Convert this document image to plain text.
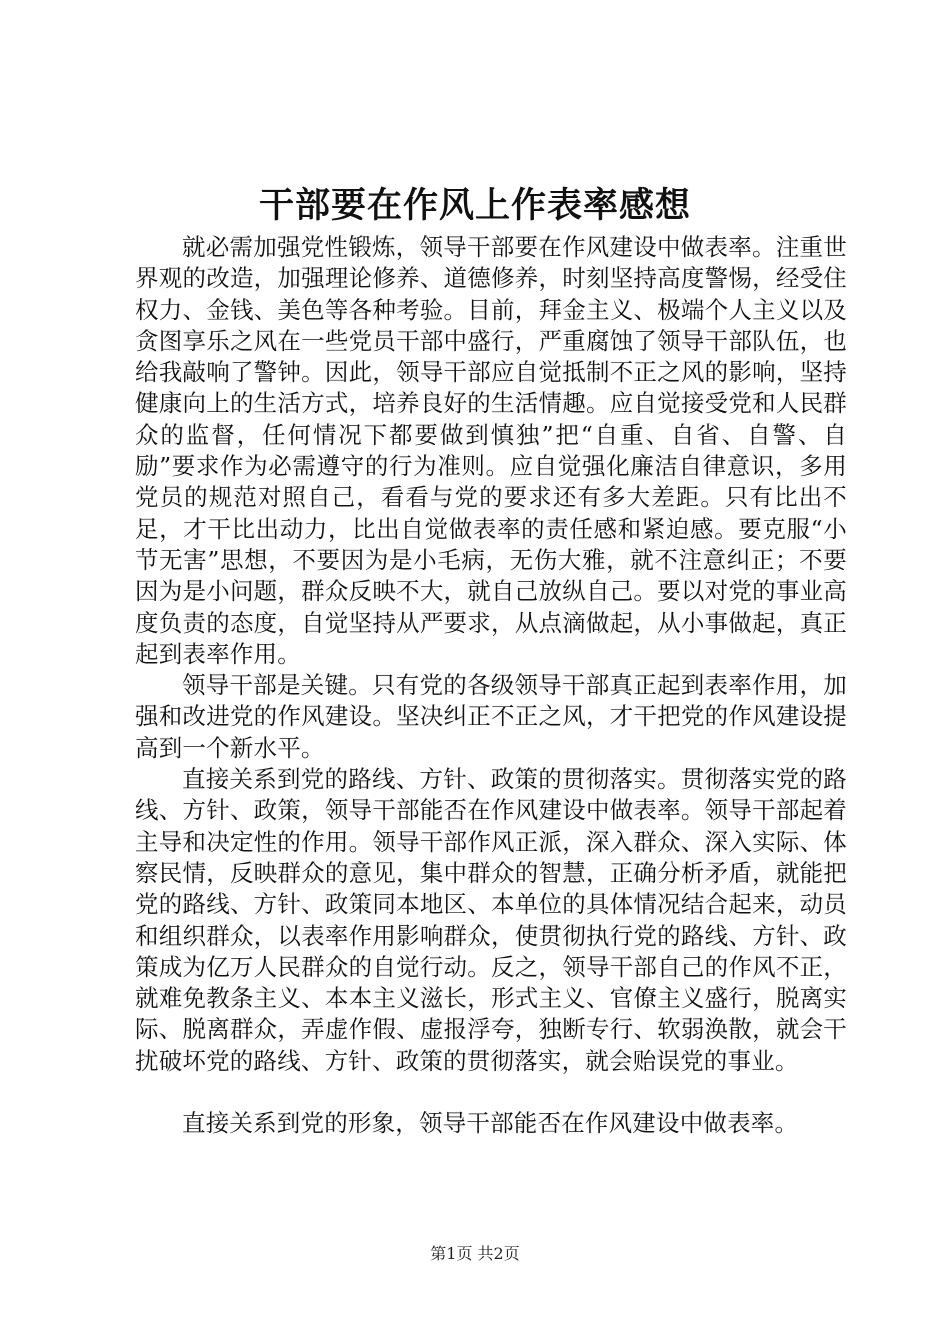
干部要在作风上作表率感想

就必需加强党性锻炼，领导干部要在作风建设中做表率。注重世界观的改造，加强理论修养、道德修养，时刻坚持高度警惕，经受住权力、金钱、美色等各种考验。目前，拜金主义、极端个人主义以及贪图享乐之风在一些党员干部中盛行，严重腐蚀了领导干部队伍，也给我敲响了警钟。因此，领导干部应自觉抵制不正之风的影响，坚持健康向上的生活方式，培养良好的生活情趣。应自觉接受党和人民群众的监督，任何情况下都要做到慎独”把“自重、自省、自警、自励”要求作为必需遵守的行为准则。应自觉强化廉洁自律意识，多用党员的规范对照自己，看看与党的要求还有多大差距。只有比出不足，才干比出动力，比出自觉做表率的责任感和紧迫感。要克服“小节无害”思想，不要因为是小毛病，无伤大雅，就不注意纠正；不要因为是小问题，群众反映不大，就自己放纵自己。要以对党的事业高度负责的态度，自觉坚持从严要求，从点滴做起，从小事做起，真正起到表率作用。

领导干部是关键。只有党的各级领导干部真正起到表率作用，加强和改进党的作风建设。坚决纠正不正之风，才干把党的作风建设提高到一个新水平。

直接关系到党的路线、方针、政策的贯彻落实。贯彻落实党的路线、方针、政策，领导干部能否在作风建设中做表率。领导干部起着主导和决定性的作用。领导干部作风正派，深入群众、深入实际、体察民情，反映群众的意见，集中群众的智慧，正确分析矛盾，就能把党的路线、方针、政策同本地区、本单位的具体情况结合起来，动员和组织群众，以表率作用影响群众，使贯彻执行党的路线、方针、政策成为亿万人民群众的自觉行动。反之，领导干部自己的作风不正，就难免教条主义、本本主义滋长，形式主义、官僚主义盛行，脱离实际、脱离群众，弄虚作假、虚报浮夸，独断专行、软弱涣散，就会干扰破坏党的路线、方针、政策的贯彻落实，就会贻误党的事业。

直接关系到党的形象，领导干部能否在作风建设中做表率。

第1页 共2页
